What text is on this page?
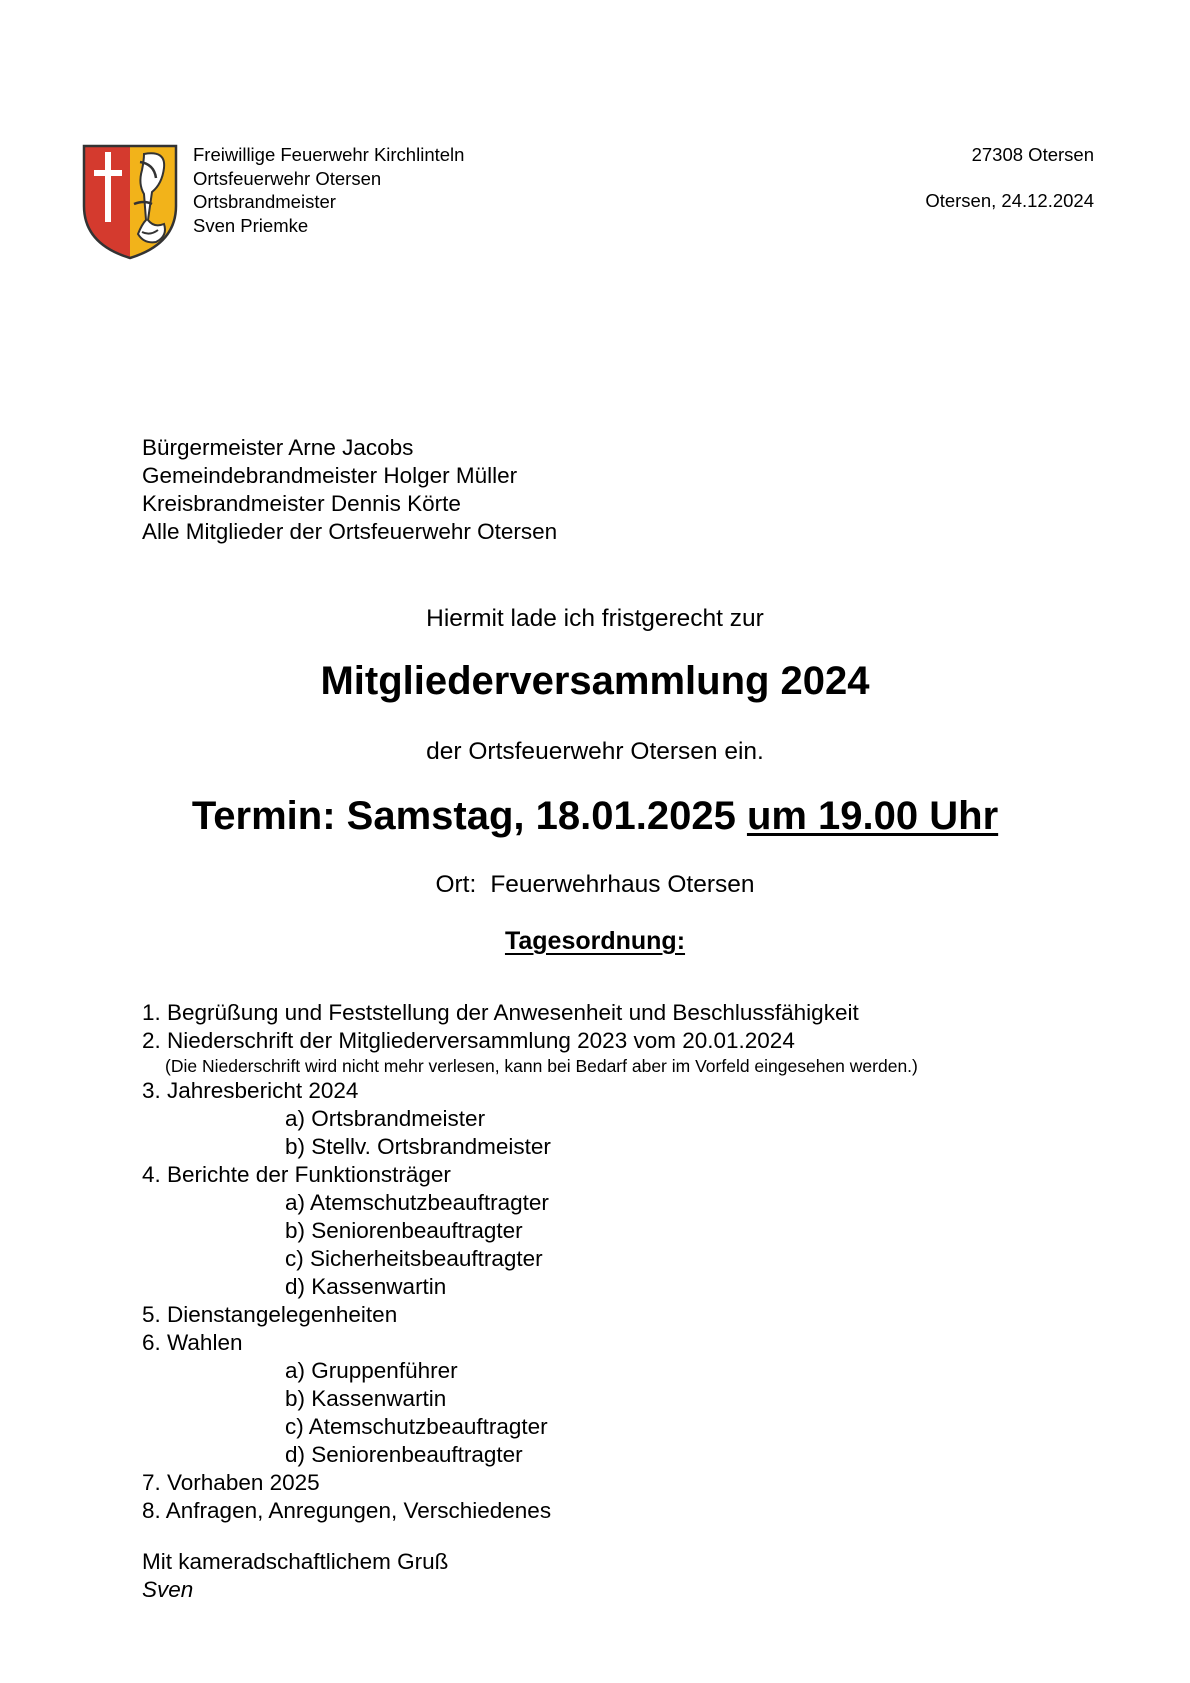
Freiwillige Feuerwehr Kirchlinteln
Ortsfeuerwehr Otersen
Ortsbrandmeister
Sven Priemke
27308 Otersen
Otersen, 24.12.2024
Bürgermeister Arne Jacobs
Gemeindebrandmeister Holger Müller
Kreisbrandmeister Dennis Körte
Alle Mitglieder der Ortsfeuerwehr Otersen
Hiermit lade ich fristgerecht zur
Mitgliederversammlung 2024
der Ortsfeuerwehr Otersen ein.
Termin: Samstag, 18.01.2025 um 19.00 Uhr
Ort: Feuerwehrhaus Otersen
Tagesordnung:
1. Begrüßung und Feststellung der Anwesenheit und Beschlussfähigkeit
2. Niederschrift der Mitgliederversammlung 2023 vom 20.01.2024
(Die Niederschrift wird nicht mehr verlesen, kann bei Bedarf aber im Vorfeld eingesehen werden.)
3. Jahresbericht 2024
a) Ortsbrandmeister
b) Stellv. Ortsbrandmeister
4. Berichte der Funktionsträger
a) Atemschutzbeauftragter
b) Seniorenbeauftragter
c) Sicherheitsbeauftragter
d) Kassenwartin
5. Dienstangelegenheiten
6. Wahlen
a) Gruppenführer
b) Kassenwartin
c) Atemschutzbeauftragter
d) Seniorenbeauftragter
7. Vorhaben 2025
8. Anfragen, Anregungen, Verschiedenes
Mit kameradschaftlichem Gruß
Sven
